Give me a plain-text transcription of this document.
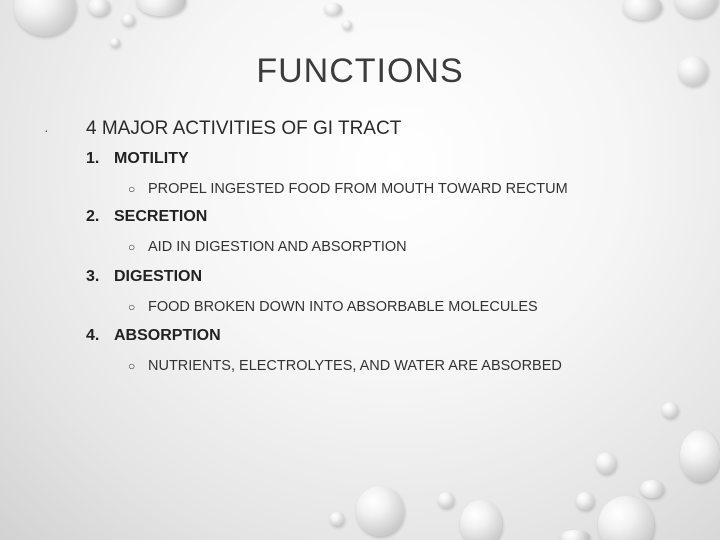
FUNCTIONS
· 4 MAJOR ACTIVITIES OF GI TRACT
1. MOTILITY
○ PROPEL INGESTED FOOD FROM MOUTH TOWARD RECTUM
2. SECRETION
○ AID IN DIGESTION AND ABSORPTION
3. DIGESTION
○ FOOD BROKEN DOWN INTO ABSORBABLE MOLECULES
4. ABSORPTION
○ NUTRIENTS, ELECTROLYTES, AND WATER ARE ABSORBED
